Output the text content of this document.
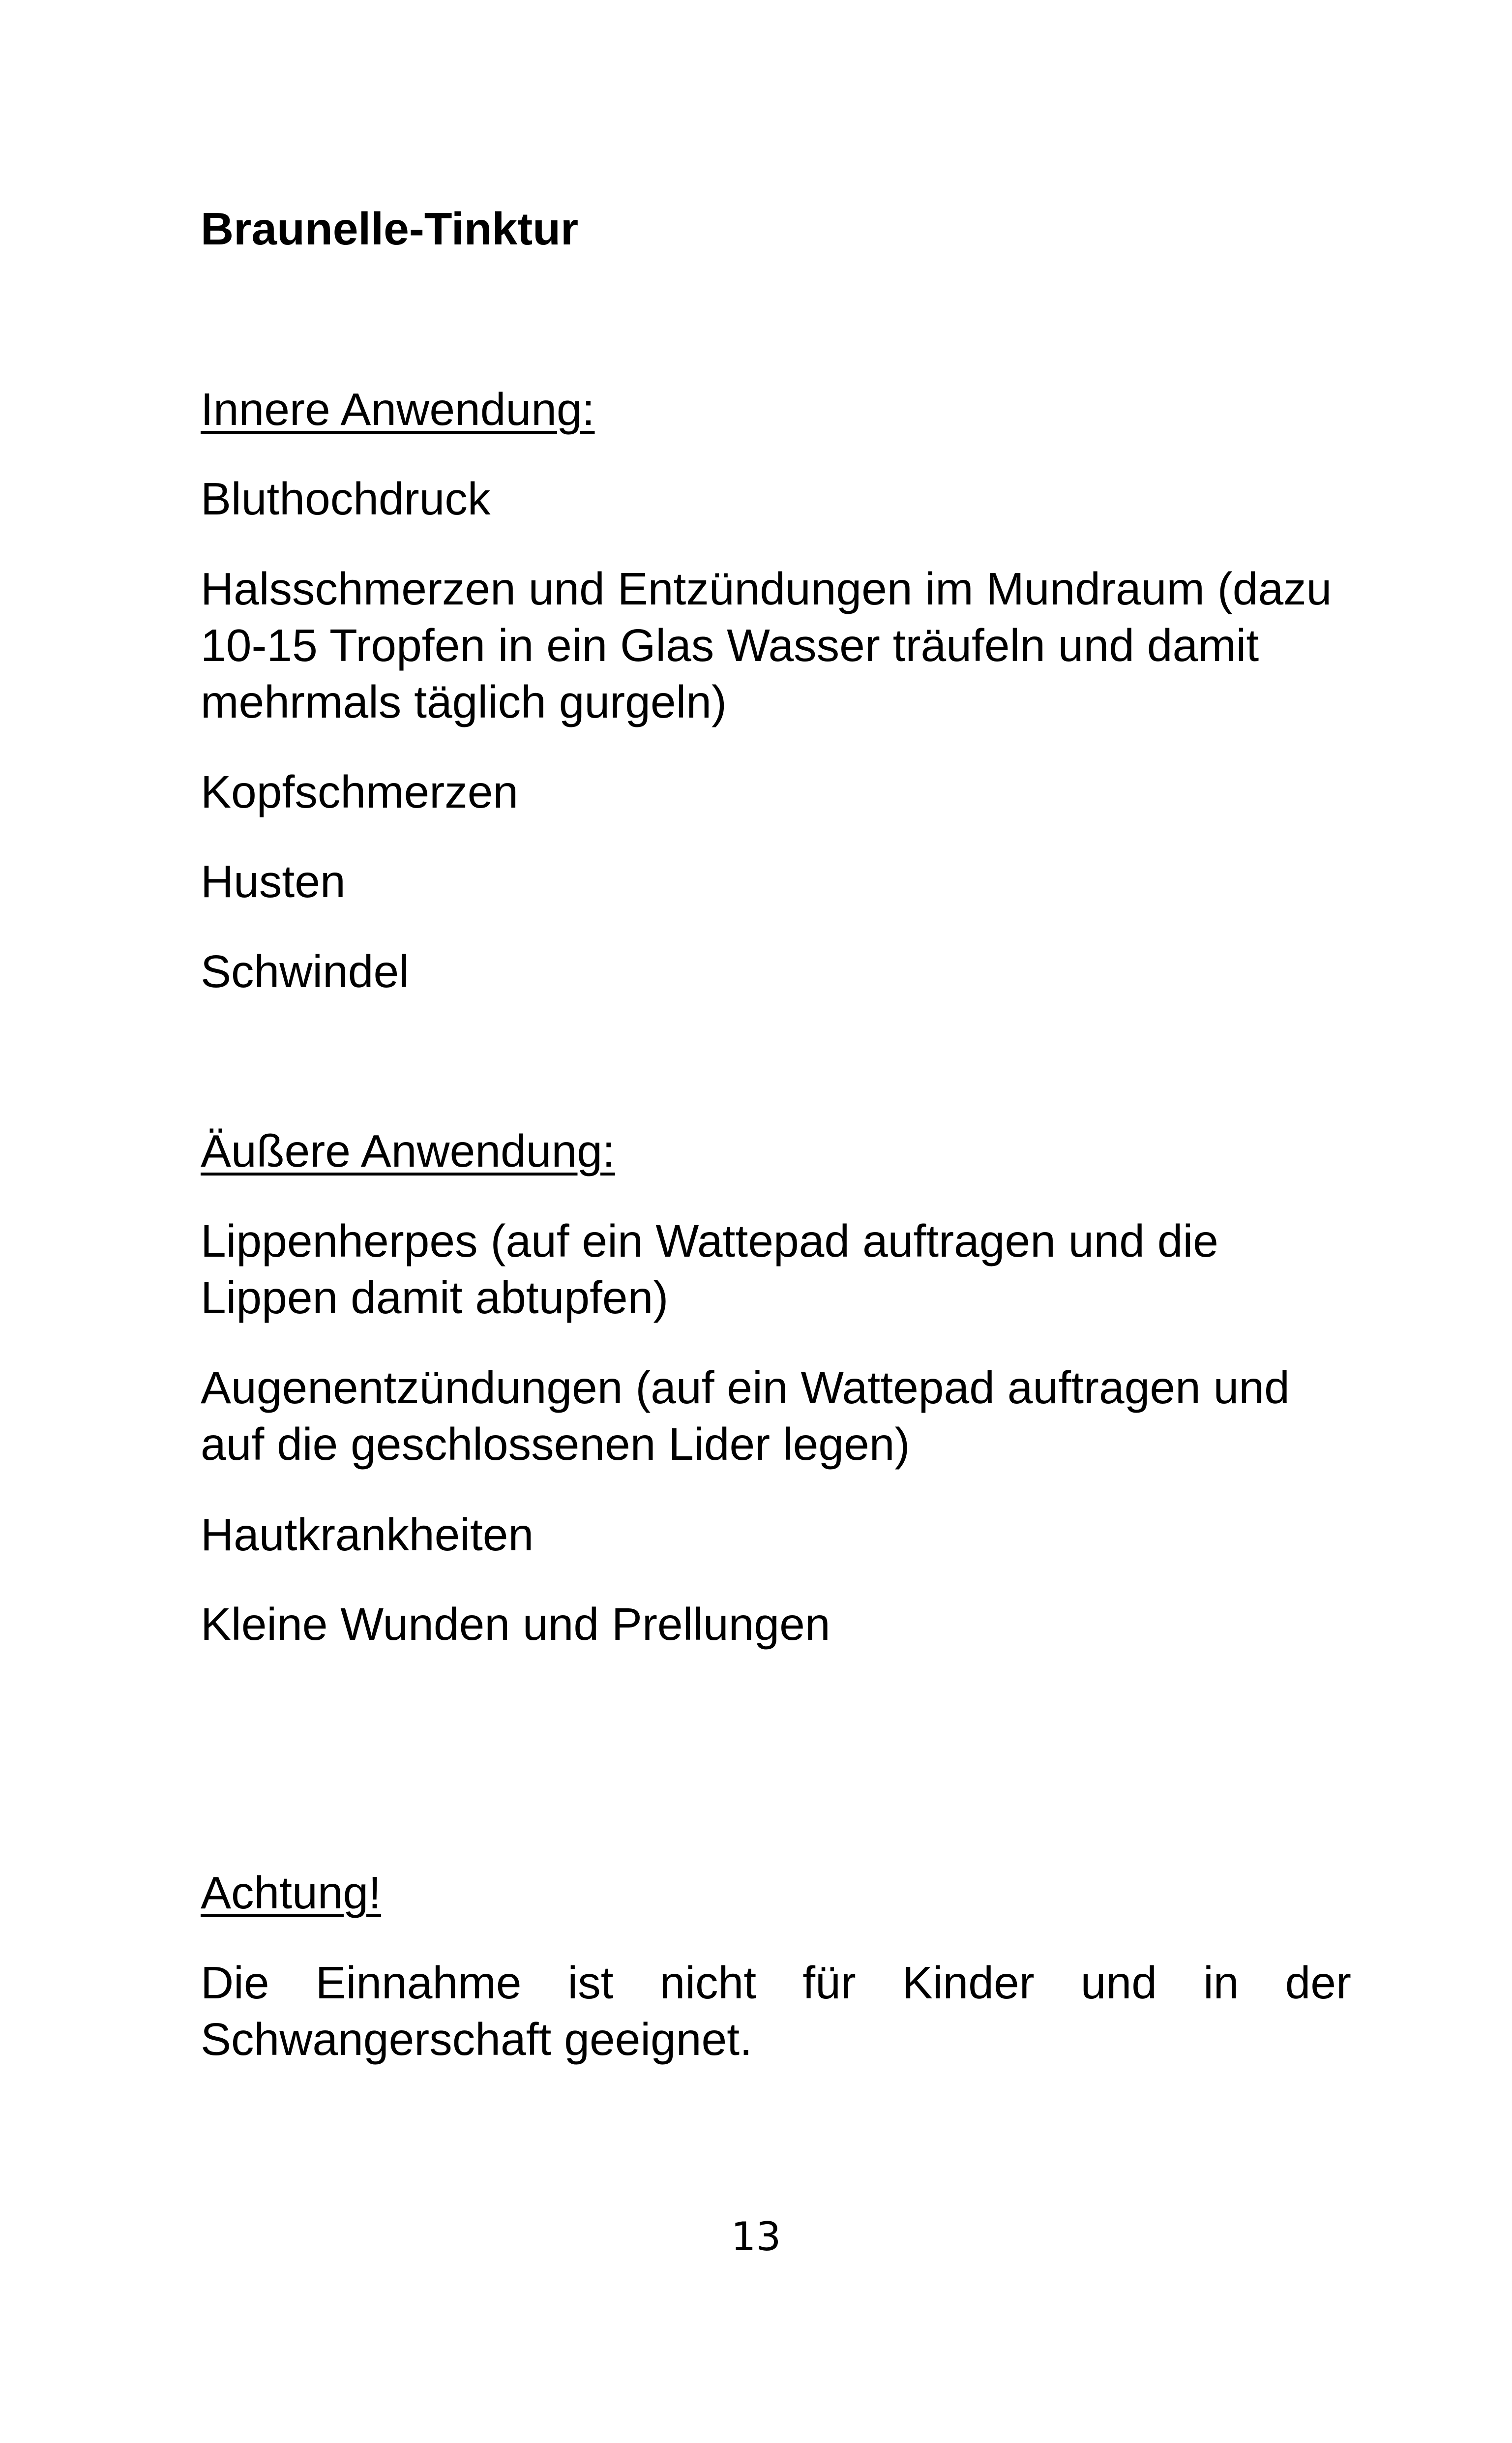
Braunelle-Tinktur

Innere Anwendung:

Bluthochdruck

Halsschmerzen und Entzündungen im Mundraum (dazu 10-15 Tropfen in ein Glas Wasser träufeln und damit mehrmals täglich gurgeln)

Kopfschmerzen

Husten

Schwindel

Äußere Anwendung:

Lippenherpes (auf ein Wattepad auftragen und die Lippen damit abtupfen)

Augenentzündungen (auf ein Wattepad auftragen und auf die geschlossenen Lider legen)

Hautkrankheiten

Kleine Wunden und Prellungen

Achtung!

Die Einnahme ist nicht für Kinder und in der Schwangerschaft geeignet.

13
